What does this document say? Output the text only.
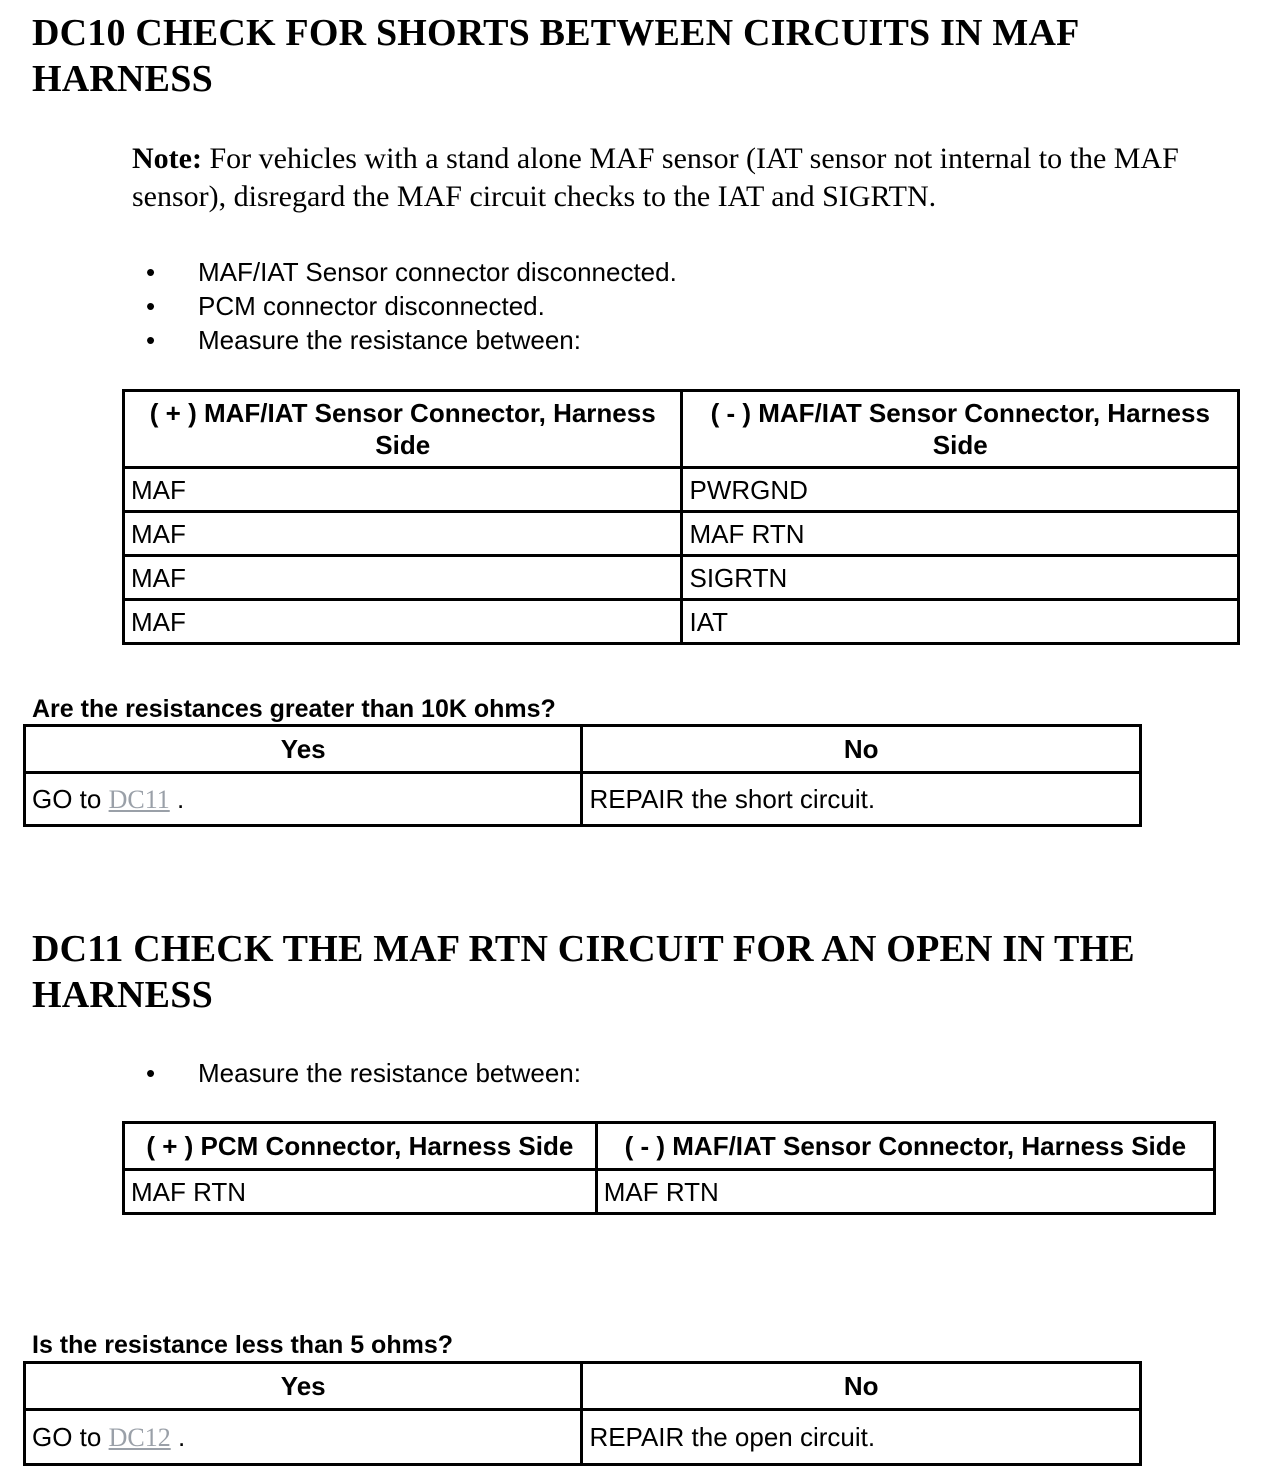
DC10 CHECK FOR SHORTS BETWEEN CIRCUITS IN MAF HARNESS

Note: For vehicles with a stand alone MAF sensor (IAT sensor not internal to the MAF sensor), disregard the MAF circuit checks to the IAT and SIGRTN.

• MAF/IAT Sensor connector disconnected.
• PCM connector disconnected.
• Measure the resistance between:
( + ) MAF/IAT Sensor Connector, Harness Side	( - ) MAF/IAT Sensor Connector, Harness Side
MAF	PWRGND
MAF	MAF RTN
MAF	SIGRTN
MAF	IAT

Are the resistances greater than 10K ohms?

Yes	No
GO to DC11 .	REPAIR the short circuit.
DC11 CHECK THE MAF RTN CIRCUIT FOR AN OPEN IN THE HARNESS
• Measure the resistance between:
( + ) PCM Connector, Harness Side	( - ) MAF/IAT Sensor Connector, Harness Side
MAF RTN	MAF RTN

Is the resistance less than 5 ohms?

Yes	No
GO to DC12 .	REPAIR the open circuit.
